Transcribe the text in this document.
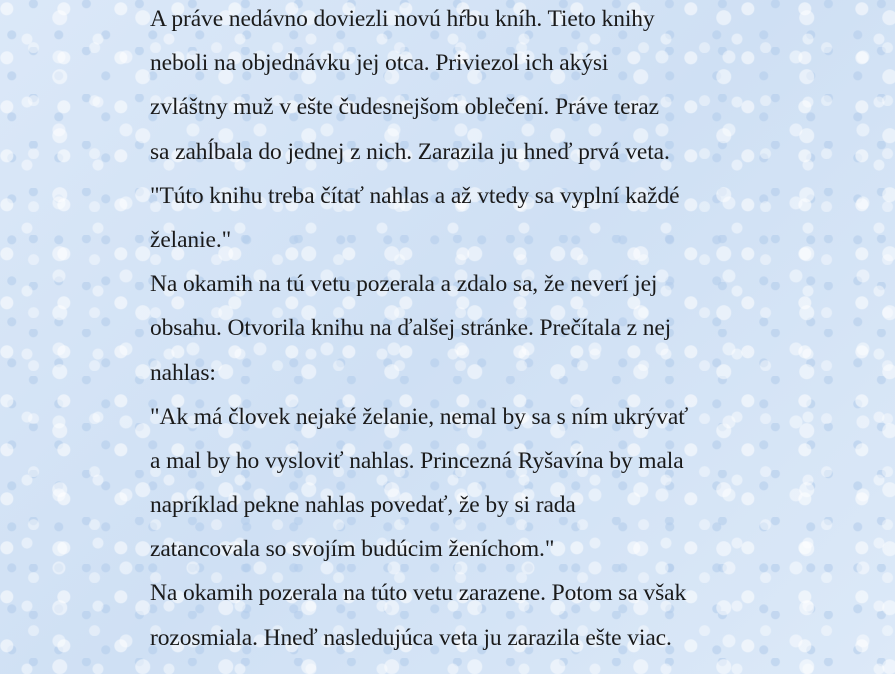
A práve nedávno doviezli novú hŕbu kníh. Tieto knihy
neboli na objednávku jej otca. Priviezol ich akýsi
zvláštny muž v ešte čudesnejšom oblečení. Práve teraz
sa zahĺbala do jednej z nich. Zarazila ju hneď prvá veta.
"Túto knihu treba čítať nahlas a až vtedy sa vyplní každé
želanie."
Na okamih na tú vetu pozerala a zdalo sa, že neverí jej
obsahu. Otvorila knihu na ďalšej stránke. Prečítala z nej
nahlas:
"Ak má človek nejaké želanie, nemal by sa s ním ukrývať
a mal by ho vysloviť nahlas. Princezná Ryšavína by mala
napríklad pekne nahlas povedať, že by si rada
zatancovala so svojím budúcim ženíchom."
Na okamih pozerala na túto vetu zarazene. Potom sa však
rozosmiala. Hneď nasledujúca veta ju zarazila ešte viac.
